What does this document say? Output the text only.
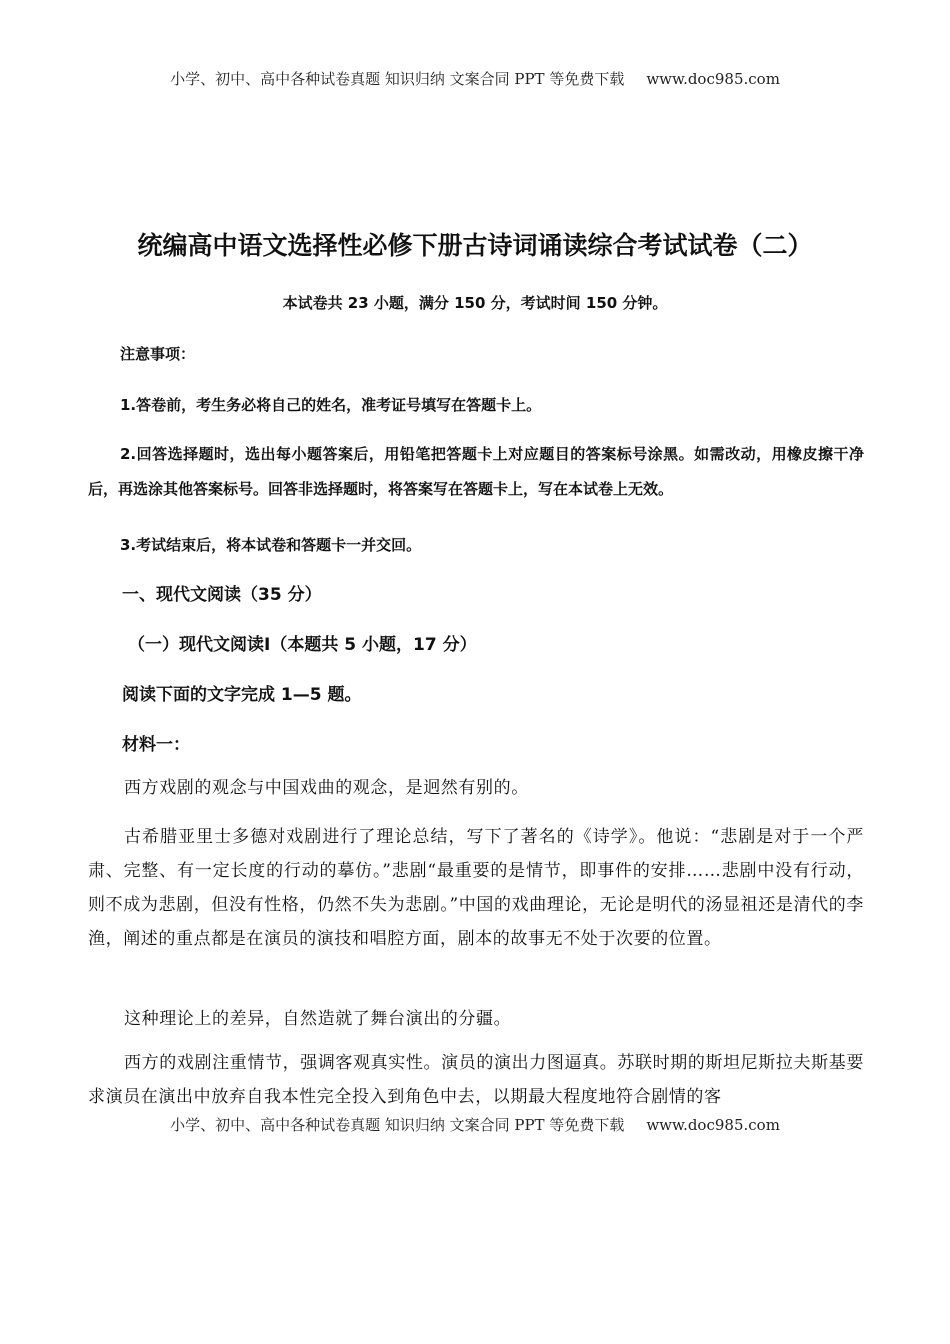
小学、初中、高中各种试卷真题 知识归纳 文案合同 PPT 等免费下载 www.doc985.com
统编高中语文选择性必修下册古诗词诵读综合考试试卷（二）
本试卷共 23 小题，满分 150 分，考试时间 150 分钟。
注意事项：
1.答卷前，考生务必将自己的姓名，准考证号填写在答题卡上。
2.回答选择题时，选出每小题答案后，用铅笔把答题卡上对应题目的答案标号涂黑。如需改动，用橡皮擦干净后，再选涂其他答案标号。回答非选择题时，将答案写在答题卡上，写在本试卷上无效。
3.考试结束后，将本试卷和答题卡一并交回。
一、现代文阅读（35 分）
（一）现代文阅读Ⅰ（本题共 5 小题，17 分）
阅读下面的文字完成 1—5 题。
材料一：
西方戏剧的观念与中国戏曲的观念，是迥然有别的。
古希腊亚里士多德对戏剧进行了理论总结，写下了著名的《诗学》。他说：“悲剧是对于一个严肃、完整、有一定长度的行动的摹仿。”悲剧“最重要的是情节，即事件的安排……悲剧中没有行动，则不成为悲剧，但没有性格，仍然不失为悲剧。”中国的戏曲理论，无论是明代的汤显祖还是清代的李渔，阐述的重点都是在演员的演技和唱腔方面，剧本的故事无不处于次要的位置。
这种理论上的差异，自然造就了舞台演出的分疆。
西方的戏剧注重情节，强调客观真实性。演员的演出力图逼真。苏联时期的斯坦尼斯拉夫斯基要求演员在演出中放弃自我本性完全投入到角色中去，以期最大程度地符合剧情的客
小学、初中、高中各种试卷真题 知识归纳 文案合同 PPT 等免费下载 www.doc985.com
